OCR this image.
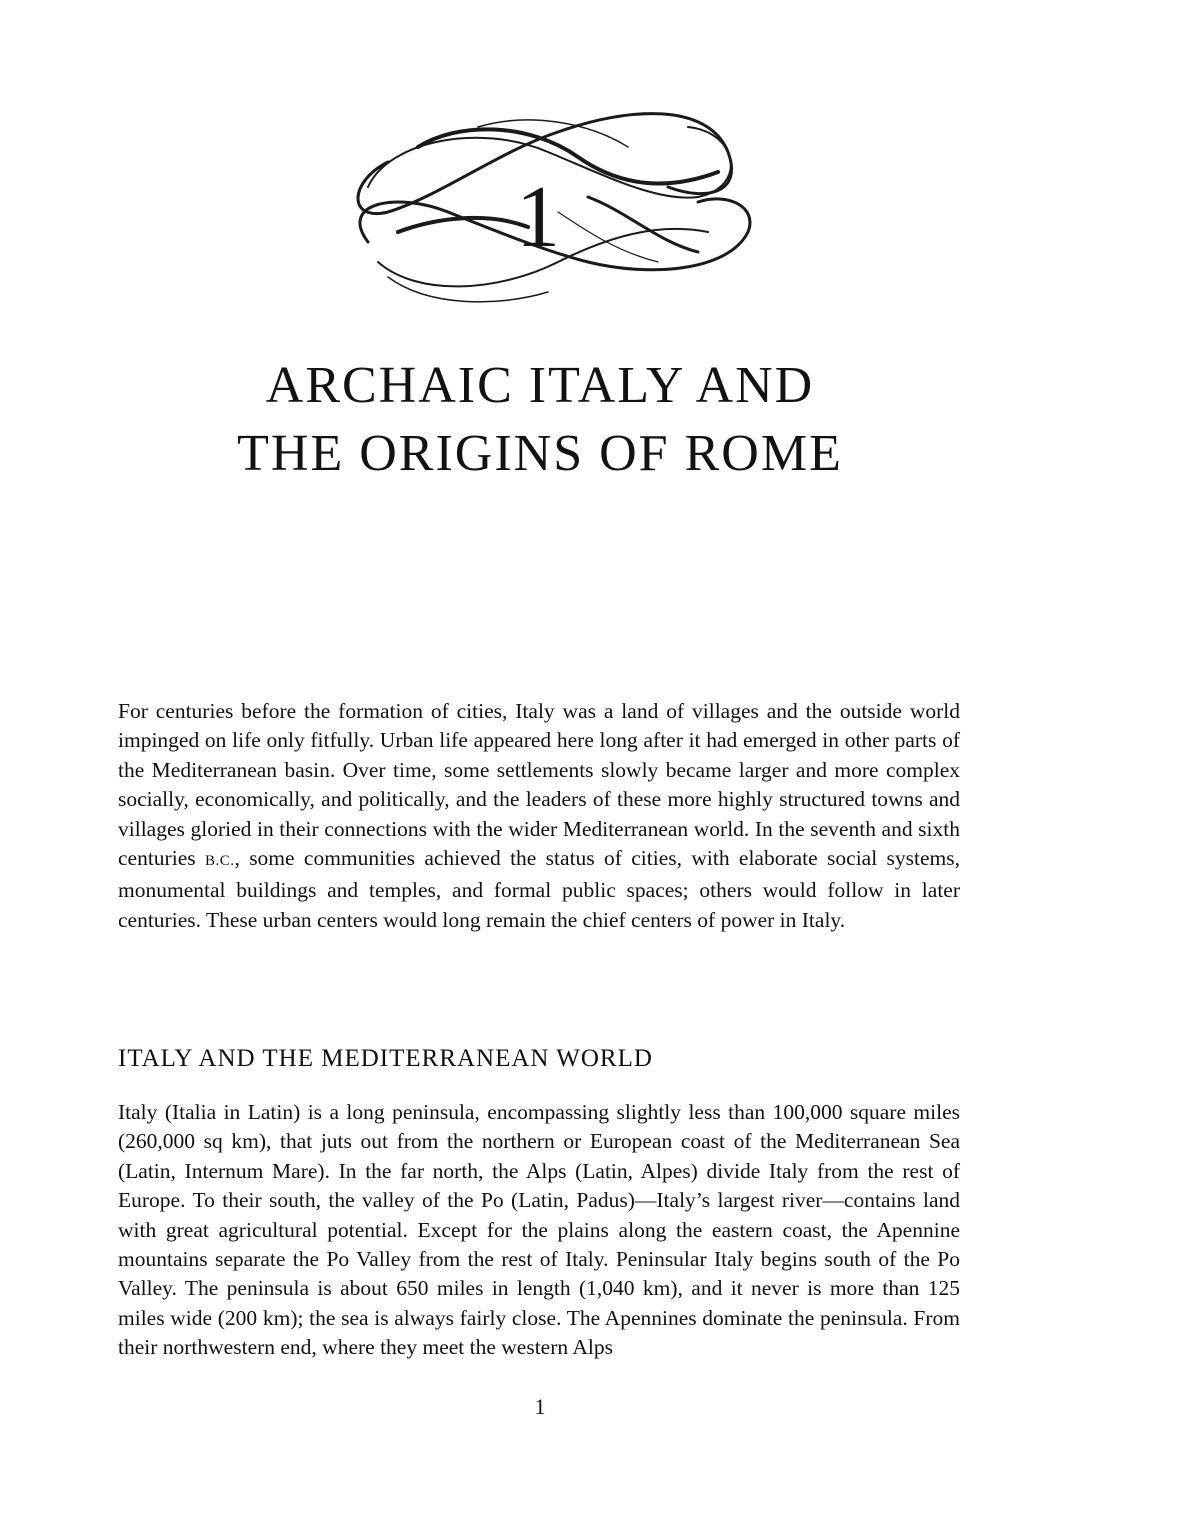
1
ARCHAIC ITALY AND
THE ORIGINS OF ROME

For centuries before the formation of cities, Italy was a land of villages and the outside world impinged on life only fitfully. Urban life appeared here long after it had emerged in other parts of the Mediterranean basin. Over time, some settlements slowly became larger and more complex socially, economically, and politically, and the leaders of these more highly structured towns and villages gloried in their connections with the wider Mediterranean world. In the seventh and sixth centuries B.C., some communities achieved the status of cities, with elaborate social systems, monumental buildings and temples, and formal public spaces; others would follow in later centuries. These urban centers would long remain the chief centers of power in Italy.

ITALY AND THE MEDITERRANEAN WORLD

Italy (Italia in Latin) is a long peninsula, encompassing slightly less than 100,000 square miles (260,000 sq km), that juts out from the northern or European coast of the Mediterranean Sea (Latin, Internum Mare). In the far north, the Alps (Latin, Alpes) divide Italy from the rest of Europe. To their south, the valley of the Po (Latin, Padus)—Italy’s largest river—contains land with great agricultural potential. Except for the plains along the eastern coast, the Apennine mountains separate the Po Valley from the rest of Italy. Peninsular Italy begins south of the Po Valley. The peninsula is about 650 miles in length (1,040 km), and it never is more than 125 miles wide (200 km); the sea is always fairly close. The Apennines dominate the peninsula. From their northwestern end, where they meet the western Alps

1
